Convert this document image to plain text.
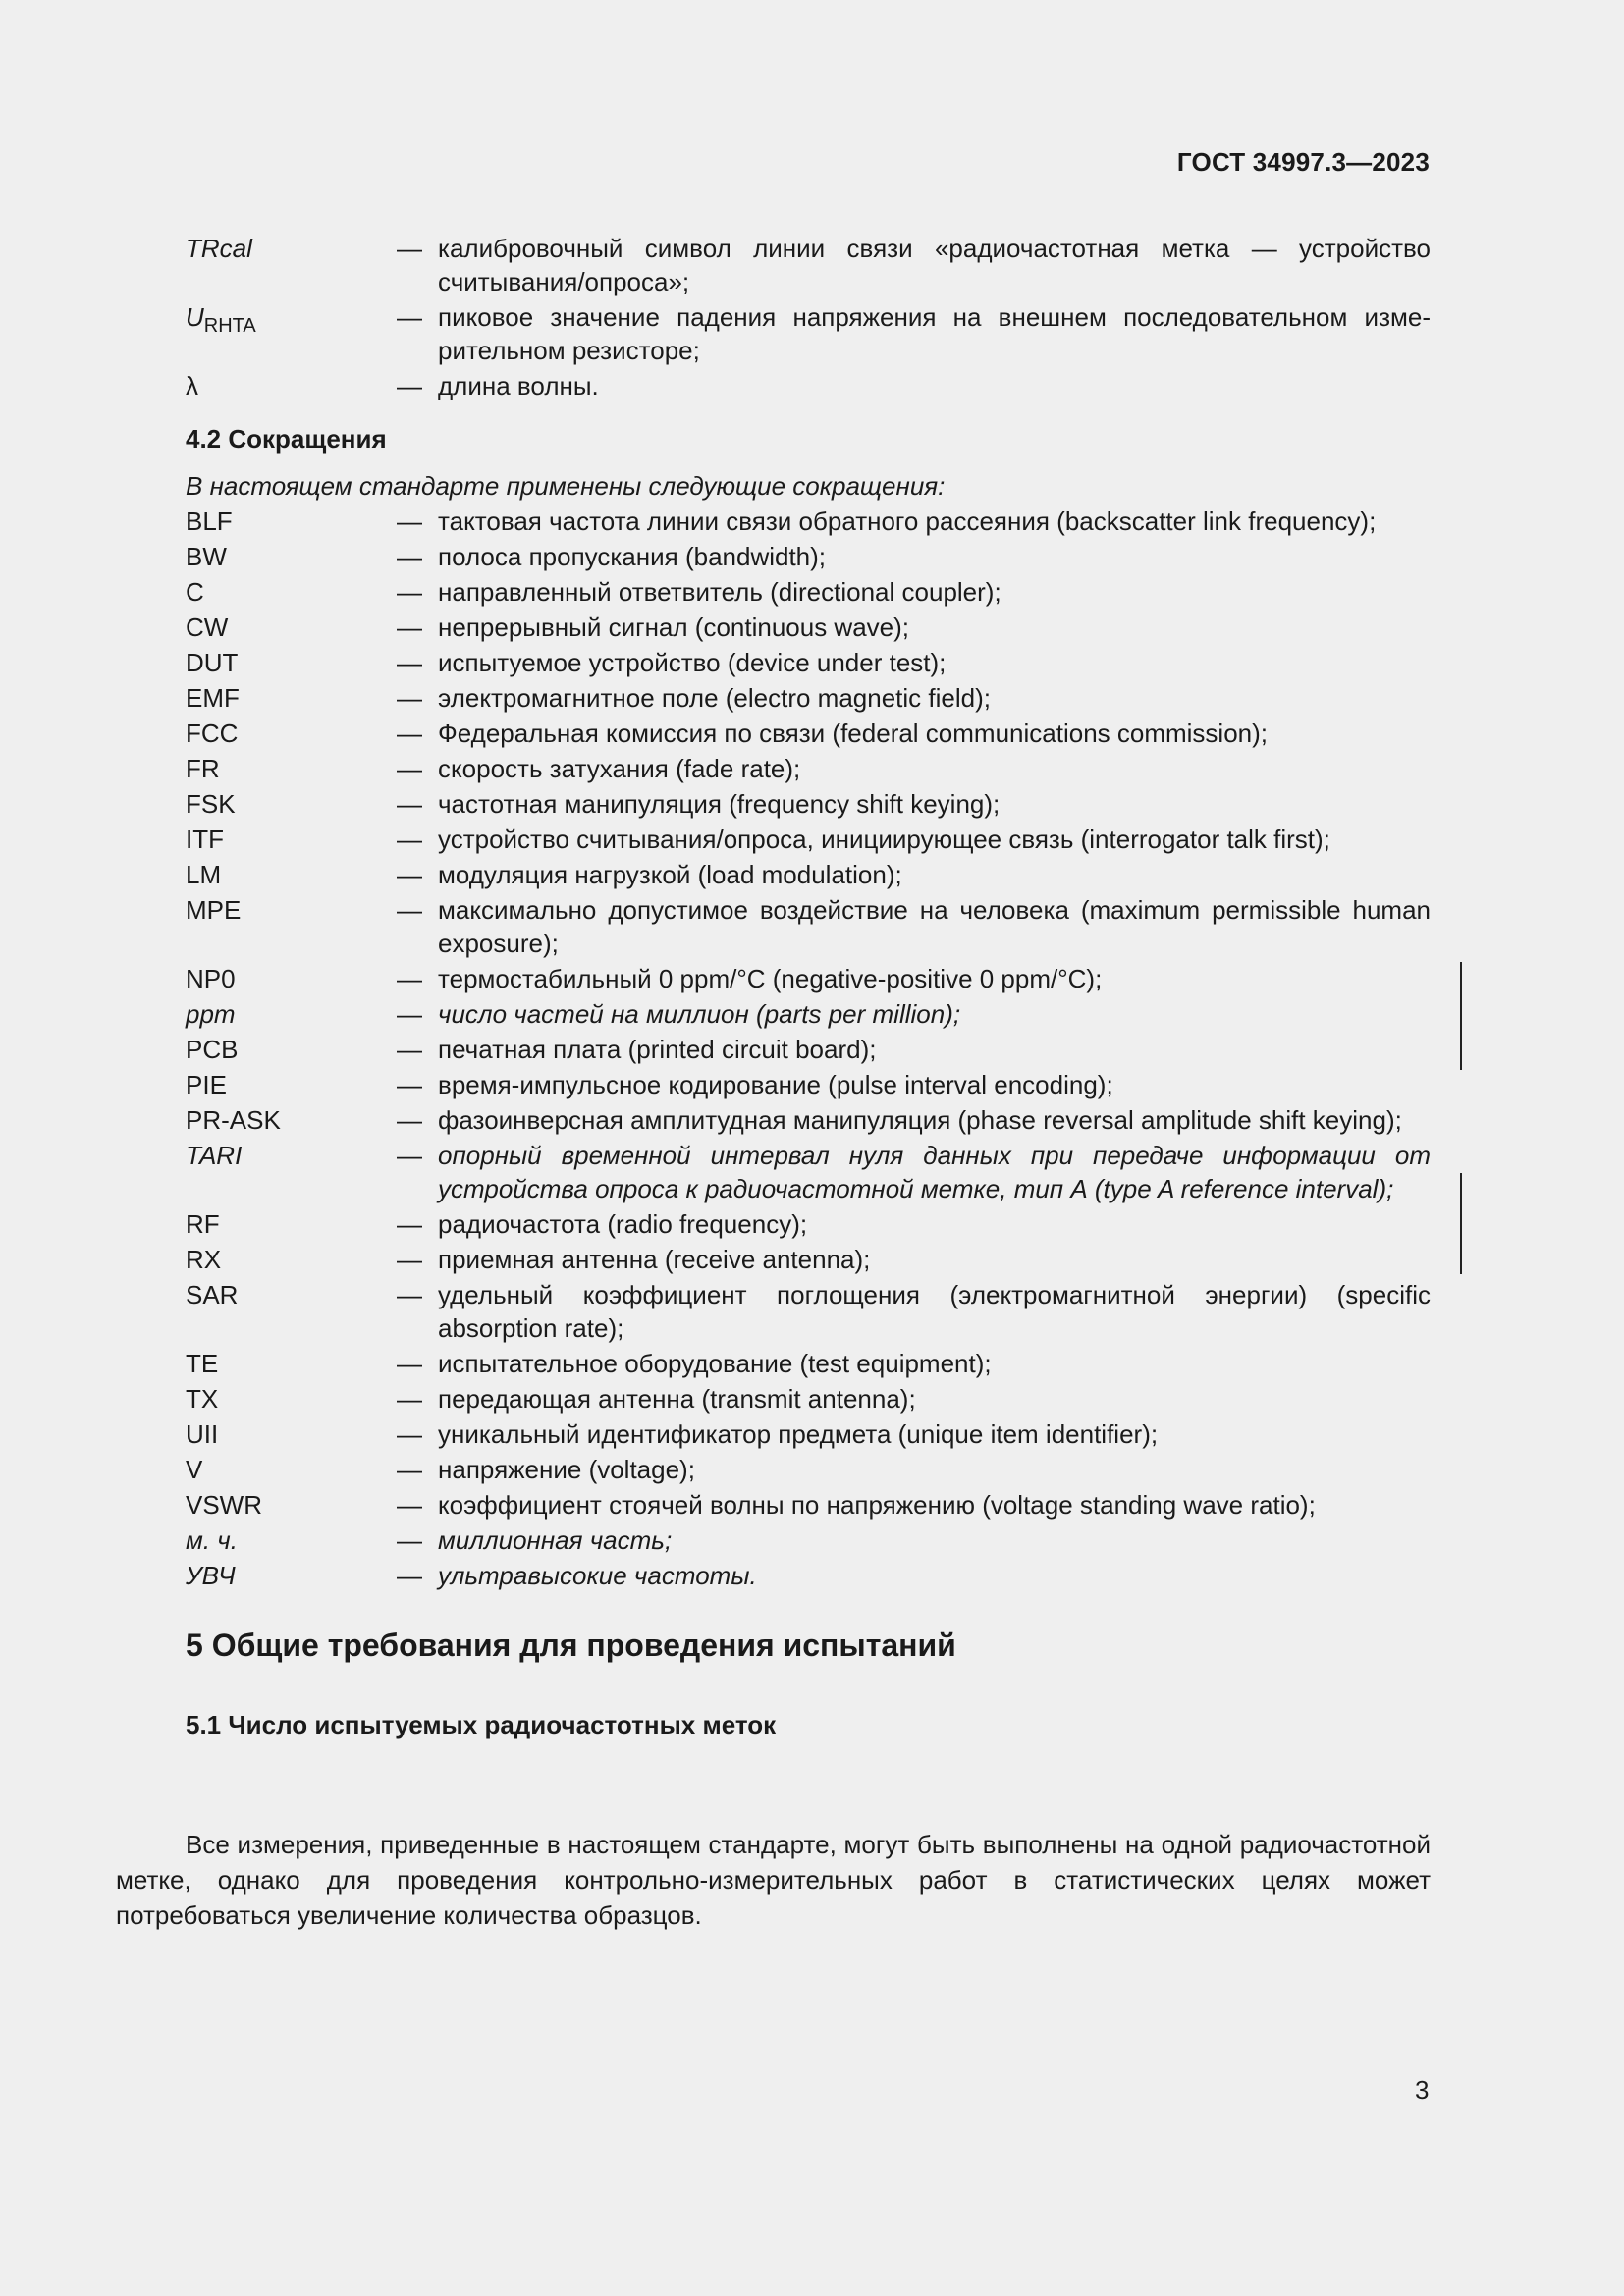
ГОСТ 34997.3—2023
TRcal	— калибровочный символ линии связи «радиочастотная метка — устройство считывания/опроса»;
$U_{RHTA}$	— пиковое значение падения напряжения на внешнем последовательном измерительном резисторе;
λ	— длина волны.
4.2 Сокращения
В настоящем стандарте применены следующие сокращения:
BLF	— тактовая частота линии связи обратного рассеяния (backscatter link frequency);
BW	— полоса пропускания (bandwidth);
C	— направленный ответвитель (directional coupler);
CW	— непрерывный сигнал (continuous wave);
DUT	— испытуемое устройство (device under test);
EMF	— электромагнитное поле (electro magnetic field);
FCC	— Федеральная комиссия по связи (federal communications commission);
FR	— скорость затухания (fade rate);
FSK	— частотная манипуляция (frequency shift keying);
ITF	— устройство считывания/опроса, инициирующее связь (interrogator talk first);
LM	— модуляция нагрузкой (load modulation);
MPE	— максимально допустимое воздействие на человека (maximum permissible human exposure);
NP0	— термостабильный 0 ppm/°C (negative-positive 0 ppm/°C);
ppm	— число частей на миллион (parts per million);
PCB	— печатная плата (printed circuit board);
PIE	— время-импульсное кодирование (pulse interval encoding);
PR-ASK	— фазоинверсная амплитудная манипуляция (phase reversal amplitude shift keying);
TARI	— опорный временной интервал нуля данных при передаче информации от устройства опроса к радиочастотной метке, тип А (type A reference interval);
RF	— радиочастота (radio frequency);
RX	— приемная антенна (receive antenna);
SAR	— удельный коэффициент поглощения (электромагнитной энергии) (specific absorption rate);
TE	— испытательное оборудование (test equipment);
TX	— передающая антенна (transmit antenna);
UII	— уникальный идентификатор предмета (unique item identifier);
V	— напряжение (voltage);
VSWR	— коэффициент стоячей волны по напряжению (voltage standing wave ratio);
м. ч.	— миллионная часть;
УВЧ	— ультравысокие частоты.
5 Общие требования для проведения испытаний
5.1 Число испытуемых радиочастотных меток
Все измерения, приведенные в настоящем стандарте, могут быть выполнены на одной радиочастотной метке, однако для проведения контрольно-измерительных работ в статистических целях может потребоваться увеличение количества образцов.
3
